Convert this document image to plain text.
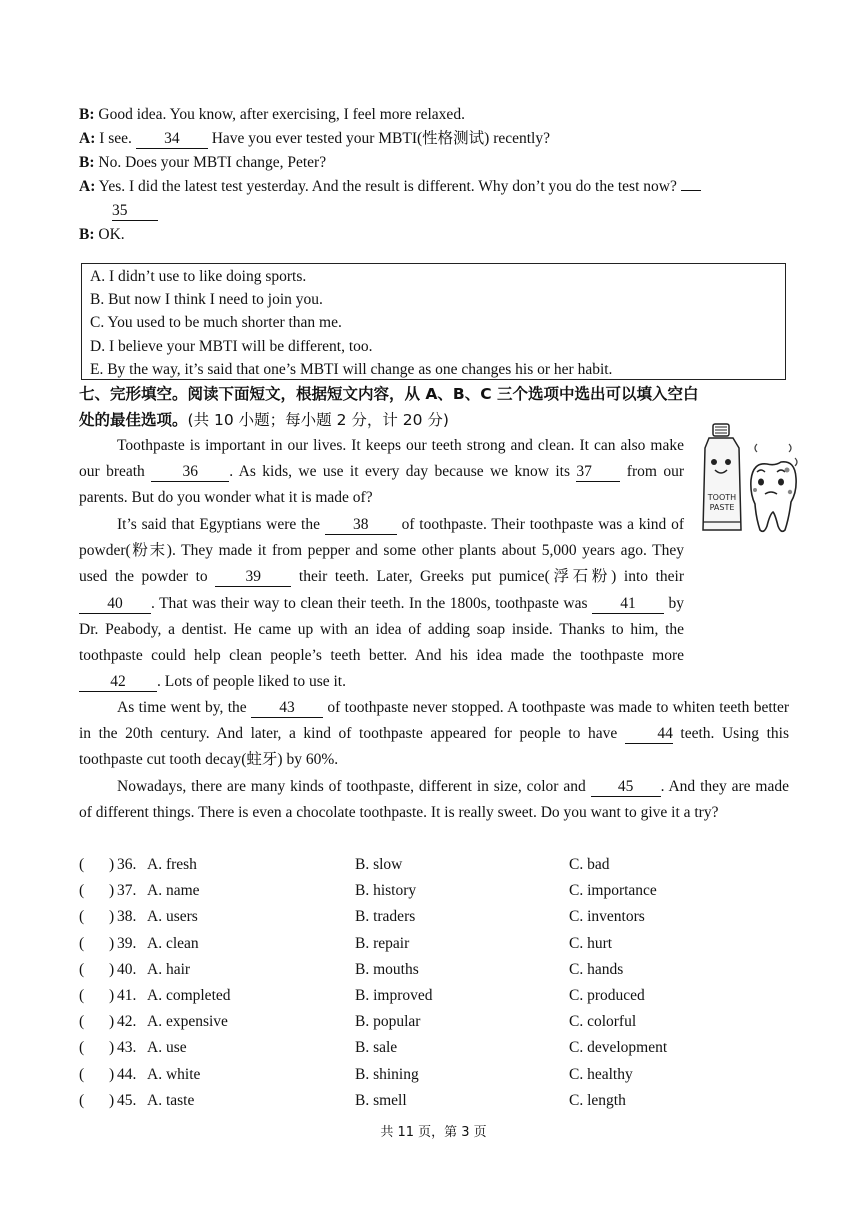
B: Good idea. You know, after exercising, I feel more relaxed.
A: I see. 34 Have you ever tested your MBTI(性格测试) recently?
B: No. Does your MBTI change, Peter?
A: Yes. I did the latest test yesterday. And the result is different. Why don’t you do the test now?
35
B: OK.
A. I didn’t use to like doing sports.
B. But now I think I need to join you.
C. You used to be much shorter than me.
D. I believe your MBTI will be different, too.
E. By the way, it’s said that one’s MBTI will change as one changes his or her habit.
七、完形填空。阅读下面短文，根据短文内容，从 A、B、C 三个选项中选出可以填入空白
处的最佳选项。(共 10 小题；每小题 2 分，计 20 分)
TOOTH
PASTE
Toothpaste is important in our lives. It keeps our teeth strong and clean. It can also make our breath 36 . As kids, we use it every day because we know its 37 from our parents. But do you wonder what it is made of?
It’s said that Egyptians were the 38 of toothpaste. Their toothpaste was a kind of powder(粉末). They made it from pepper and some other plants about 5,000 years ago. They used the powder to 39 their teeth. Later, Greeks put pumice(浮石粉) into their 40 . That was their way to clean their teeth. In the 1800s, toothpaste was 41 by Dr. Peabody, a dentist. He came up with an idea of adding soap inside. Thanks to him, the toothpaste could help clean people’s teeth better. And his idea made the toothpaste more 42 . Lots of people liked to use it.
As time went by, the 43 of toothpaste never stopped. A toothpaste was made to whiten teeth better in the 20th century. And later, a kind of toothpaste appeared for people to have 44 teeth. Using this toothpaste cut tooth decay(蛀牙) by 60%.
Nowadays, there are many kinds of toothpaste, different in size, color and 45 . And they are made of different things. There is even a chocolate toothpaste. It is really sweet. Do you want to give it a try?
( ) 36. A. fresh	B. slow	C. bad
( ) 37. A. name	B. history	C. importance
( ) 38. A. users	B. traders	C. inventors
( ) 39. A. clean	B. repair	C. hurt
( ) 40. A. hair	B. mouths	C. hands
( ) 41. A. completed	B. improved	C. produced
( ) 42. A. expensive	B. popular	C. colorful
( ) 43. A. use	B. sale	C. development
( ) 44. A. white	B. shining	C. healthy
( ) 45. A. taste	B. smell	C. length
共 11 页，第 3 页
